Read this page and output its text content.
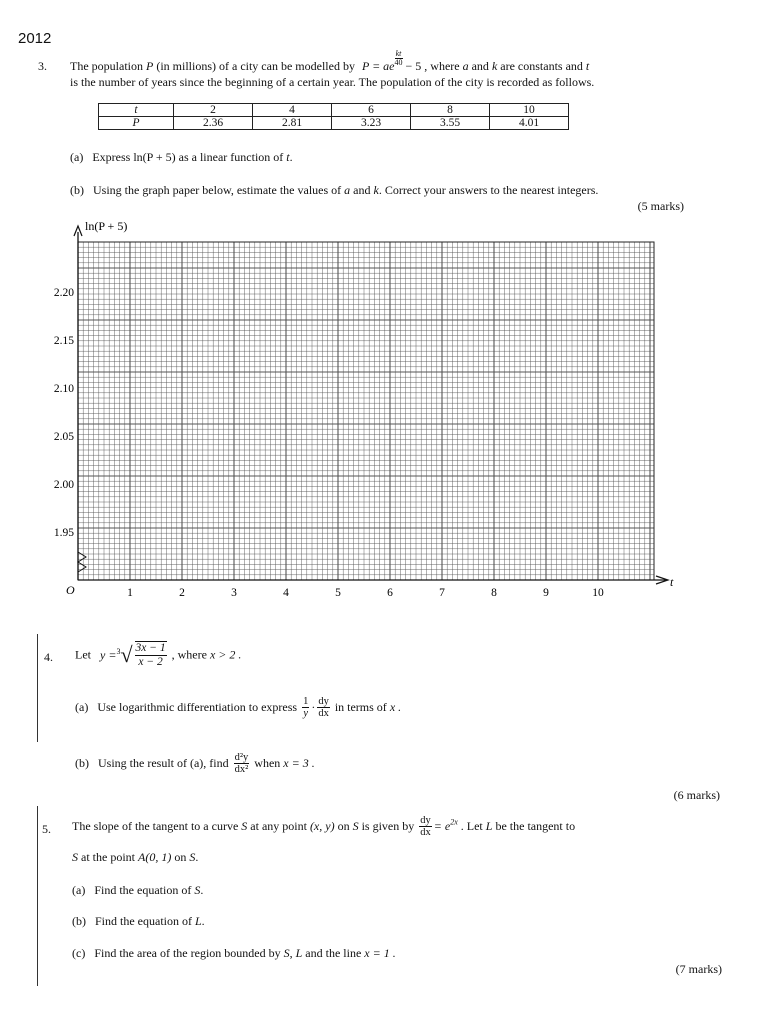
2012
3. The population P (in millions) of a city can be modelled by P = ae $\frac{kt}{40} - 5$ , where a and k are constants and t
is the number of years since the beginning of a certain year. The population of the city is recorded as follows.
t	2	4	6	8	10
P	2.36	2.81	3.23	3.55	4.01
(a) Express ln(P + 5) as a linear function of t.
(b) Using the graph paper below, estimate the values of a and k. Correct your answers to the nearest integers.
(5 marks)
ln(P + 5)
t
O
2.20
2.15
2.10
2.05
2.00
1.95
1	2	3	4	5	6	7	8	9	10
4. Let $y =^3√ \frac{3x - 1}{x - 2}$ , where x > 2 .
(a) Use logarithmic differentiation to express $\frac{1}{y} \cdot \frac{dy}{dx}$ in terms of x .
(b) Using the result of (a), find $\frac{\text{d²y}}{\text{dx²}}$ when x = 3 .
(6 marks)
5. The slope of the tangent to a curve S at any point (x, y) on S is given by $\frac{dy}{dx} = e^{2x}$ . Let L be the tangent to
S at the point A(0, 1) on S.
(a) Find the equation of S.
(b) Find the equation of L.
(c) Find the area of the region bounded by S, L and the line x = 1 .
(7 marks)
